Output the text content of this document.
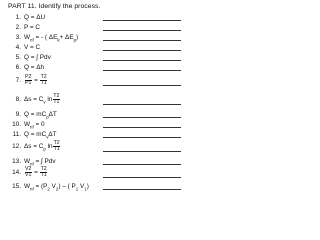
PART 11. Identify the process.
1. Q = ΔU
2. P = C
3. $W_{nf}$ = - ( $\Delta E_k+ \Delta E_p$)
4. V = C
5. Q = ∫ Pdv
6. Q = Δh
7. $\frac{P2}{P1} = \frac{T2}{T1}$
8. $\Delta s = C_v$ $\ln \frac{T2}{T1}$
9. $Q = mC_p\Delta T$
10. $W_{nf} = 0$
11. $Q = mC_v\Delta T$
12. $\Delta s = C_p$ $\ln \frac{T2}{T1}$
13. $W_{nf}$ = ∫ Pdv
14. $\frac{V2}{V1} = \frac{T2}{T1}$
15. $W_{nf} = (P_2$ $V_2$) – ( $P_1$ $V_1$)
